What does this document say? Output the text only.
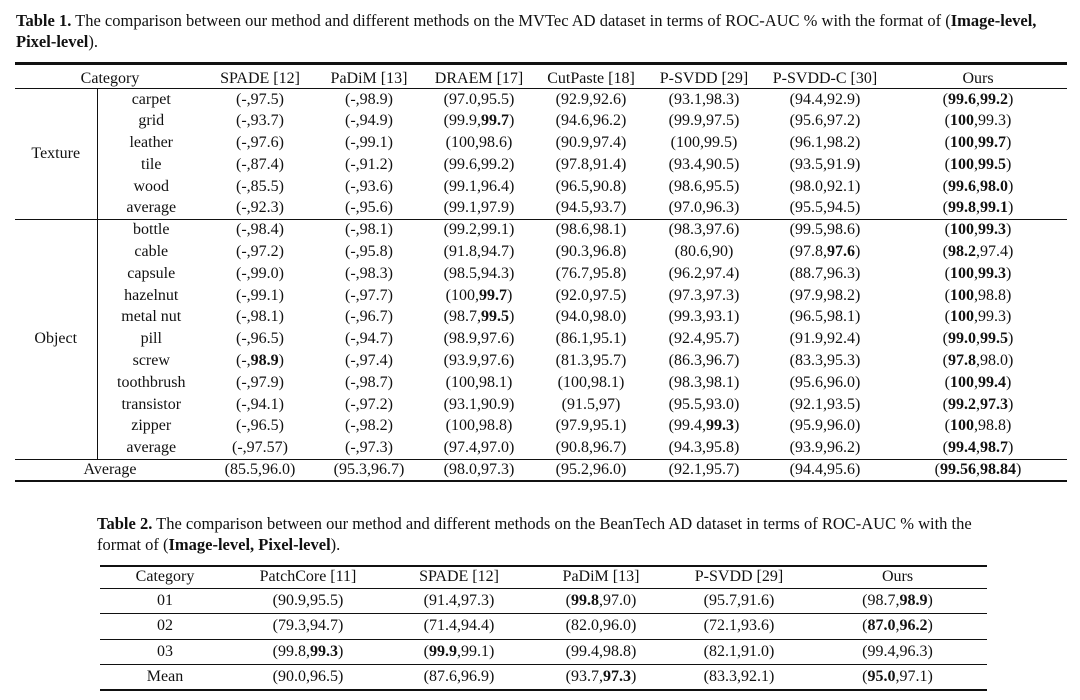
Table 1. The comparison between our method and different methods on the MVTec AD dataset in terms of ROC-AUC % with the format of (Image-level, Pixel-level).
Category		SPADE [12]	PaDiM [13]	DRAEM [17]	CutPaste [18]	P-SVDD [29]	P-SVDD-C [30]	Ours
Texture	carpet	(-,97.5)	(-,98.9)	(97.0,95.5)	(92.9,92.6)	(93.1,98.3)	(94.4,92.9)	(99.6,99.2)
	grid	(-,93.7)	(-,94.9)	(99.9,99.7)	(94.6,96.2)	(99.9,97.5)	(95.6,97.2)	(100,99.3)
	leather	(-,97.6)	(-,99.1)	(100,98.6)	(90.9,97.4)	(100,99.5)	(96.1,98.2)	(100,99.7)
	tile	(-,87.4)	(-,91.2)	(99.6,99.2)	(97.8,91.4)	(93.4,90.5)	(93.5,91.9)	(100,99.5)
	wood	(-,85.5)	(-,93.6)	(99.1,96.4)	(96.5,90.8)	(98.6,95.5)	(98.0,92.1)	(99.6,98.0)
	average	(-,92.3)	(-,95.6)	(99.1,97.9)	(94.5,93.7)	(97.0,96.3)	(95.5,94.5)	(99.8,99.1)
Object	bottle	(-,98.4)	(-,98.1)	(99.2,99.1)	(98.6,98.1)	(98.3,97.6)	(99.5,98.6)	(100,99.3)
	cable	(-,97.2)	(-,95.8)	(91.8,94.7)	(90.3,96.8)	(80.6,90)	(97.8,97.6)	(98.2,97.4)
	capsule	(-,99.0)	(-,98.3)	(98.5,94.3)	(76.7,95.8)	(96.2,97.4)	(88.7,96.3)	(100,99.3)
	hazelnut	(-,99.1)	(-,97.7)	(100,99.7)	(92.0,97.5)	(97.3,97.3)	(97.9,98.2)	(100,98.8)
	metal nut	(-,98.1)	(-,96.7)	(98.7,99.5)	(94.0,98.0)	(99.3,93.1)	(96.5,98.1)	(100,99.3)
	pill	(-,96.5)	(-,94.7)	(98.9,97.6)	(86.1,95.1)	(92.4,95.7)	(91.9,92.4)	(99.0,99.5)
	screw	(-,98.9)	(-,97.4)	(93.9,97.6)	(81.3,95.7)	(86.3,96.7)	(83.3,95.3)	(97.8,98.0)
	toothbrush	(-,97.9)	(-,98.7)	(100,98.1)	(100,98.1)	(98.3,98.1)	(95.6,96.0)	(100,99.4)
	transistor	(-,94.1)	(-,97.2)	(93.1,90.9)	(91.5,97)	(95.5,93.0)	(92.1,93.5)	(99.2,97.3)
	zipper	(-,96.5)	(-,98.2)	(100,98.8)	(97.9,95.1)	(99.4,99.3)	(95.9,96.0)	(100,98.8)
	average	(-,97.57)	(-,97.3)	(97.4,97.0)	(90.8,96.7)	(94.3,95.8)	(93.9,96.2)	(99.4,98.7)
Average		(85.5,96.0)	(95.3,96.7)	(98.0,97.3)	(95.2,96.0)	(92.1,95.7)	(94.4,95.6)	(99.56,98.84)
Table 2. The comparison between our method and different methods on the BeanTech AD dataset in terms of ROC-AUC % with the format of (Image-level, Pixel-level).
Category	PatchCore [11]	SPADE [12]	PaDiM [13]	P-SVDD [29]	Ours
01	(90.9,95.5)	(91.4,97.3)	(99.8,97.0)	(95.7,91.6)	(98.7,98.9)
02	(79.3,94.7)	(71.4,94.4)	(82.0,96.0)	(72.1,93.6)	(87.0,96.2)
03	(99.8,99.3)	(99.9,99.1)	(99.4,98.8)	(82.1,91.0)	(99.4,96.3)
Mean	(90.0,96.5)	(87.6,96.9)	(93.7,97.3)	(83.3,92.1)	(95.0,97.1)
